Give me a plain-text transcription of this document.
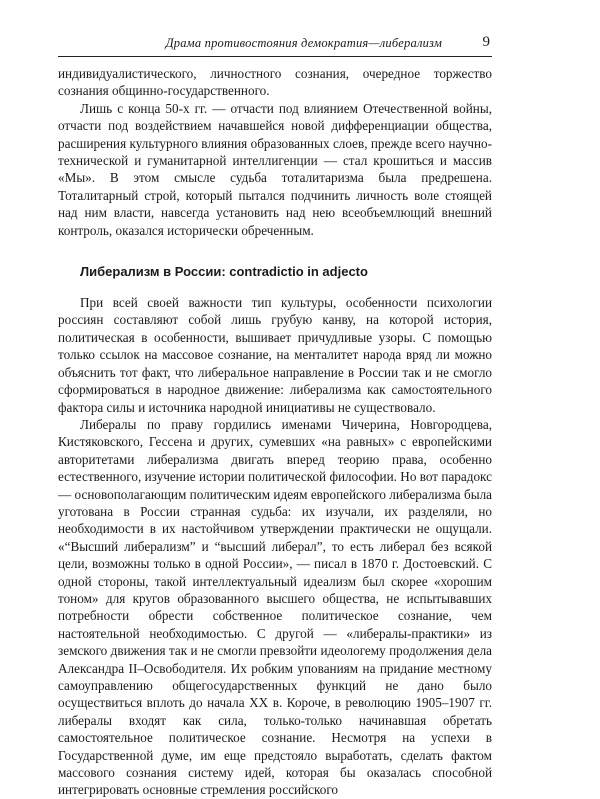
Драма противостояния демократия—либерализм	9

индивидуалистического, личностного сознания, очередное торжество сознания общинно-государственного.

Лишь с конца 50-х гг. — отчасти под влиянием Отечественной войны, отчасти под воздействием начавшейся новой дифференциации общества, расширения культурного влияния образованных слоев, прежде всего научно-технической и гуманитарной интеллигенции — стал крошиться и массив «Мы». В этом смысле судьба тоталитаризма была предрешена. Тоталитарный строй, который пытался подчинить личность воле стоящей над ним власти, навсегда установить над нею всеобъемлющий внешний контроль, оказался исторически обреченным.

Либерализм в России: contradictio in adjecto

При всей своей важности тип культуры, особенности психологии россиян составляют собой лишь грубую канву, на которой история, политическая в особенности, вышивает причудливые узоры. С помощью только ссылок на массовое сознание, на менталитет народа вряд ли можно объяснить тот факт, что либеральное направление в России так и не смогло сформироваться в народное движение: либерализма как самостоятельного фактора силы и источника народной инициативы не существовало.

Либералы по праву гордились именами Чичерина, Новгородцева, Кистяковского, Гессена и других, сумевших «на равных» с европейскими авторитетами либерализма двигать вперед теорию права, особенно естественного, изучение истории политической философии. Но вот парадокс — основополагающим политическим идеям европейского либерализма была уготована в России странная судьба: их изучали, их разделяли, но необходимости в их настойчивом утверждении практически не ощущали. «“Высший либерализм” и “высший либерал”, то есть либерал без всякой цели, возможны только в одной России», — писал в 1870 г. Достоевский. С одной стороны, такой интеллектуальный идеализм был скорее «хорошим тоном» для кругов образованного высшего общества, не испытывавших потребности обрести собственное политическое сознание, чем настоятельной необходимостью. С другой — «либералы-практики» из земского движения так и не смогли превзойти идеологему продолжения дела Александра II–Освободителя. Их робким упованиям на придание местному самоуправлению общегосударственных функций не дано было осуществиться вплоть до начала XX в. Короче, в революцию 1905–1907 гг. либералы входят как сила, только-только начинавшая обретать самостоятельное политическое сознание. Несмотря на успехи в Государственной думе, им еще предстояло выработать, сделать фактом массового сознания систему идей, которая бы оказалась способной интегрировать основные стремления российского
